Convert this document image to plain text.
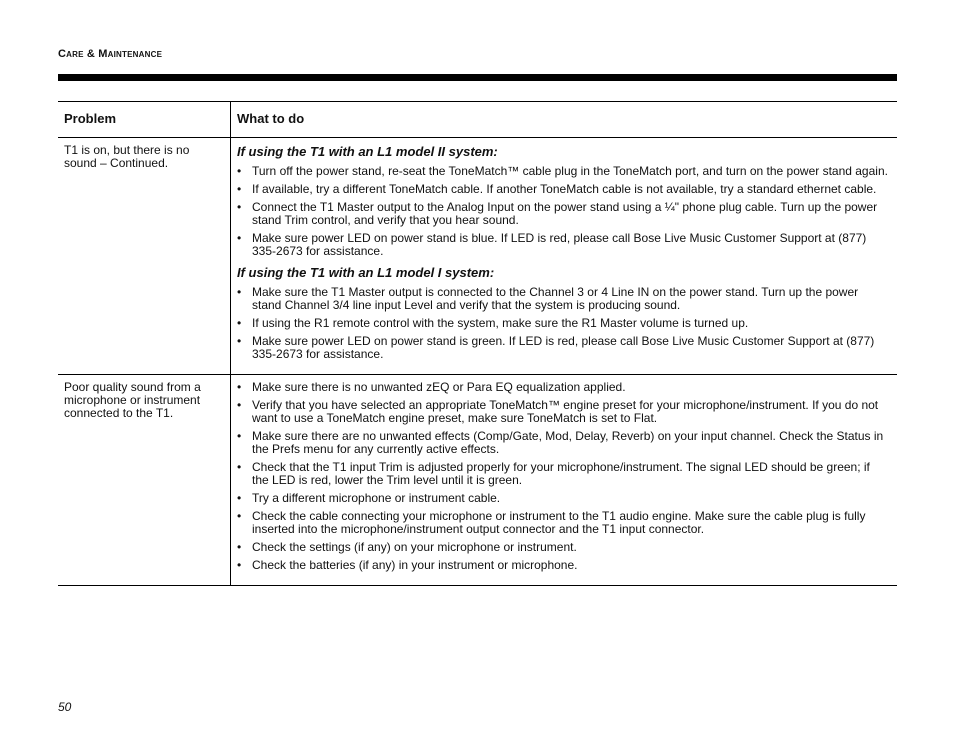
Care & Maintenance
Problem	What to do
T1 is on, but there is no sound – Continued.
If using the T1 with an L1 model II system:
• Turn off the power stand, re-seat the ToneMatch™ cable plug in the ToneMatch port, and turn on the power stand again.
• If available, try a different ToneMatch cable. If another ToneMatch cable is not available, try a standard ethernet cable.
• Connect the T1 Master output to the Analog Input on the power stand using a ¼" phone plug cable. Turn up the power stand Trim control, and verify that you hear sound.
• Make sure power LED on power stand is blue. If LED is red, please call Bose Live Music Customer Support at (877) 335-2673 for assistance.
If using the T1 with an L1 model I system:
• Make sure the T1 Master output is connected to the Channel 3 or 4 Line IN on the power stand. Turn up the power stand Channel 3/4 line input Level and verify that the system is producing sound.
• If using the R1 remote control with the system, make sure the R1 Master volume is turned up.
• Make sure power LED on power stand is green. If LED is red, please call Bose Live Music Customer Support at (877) 335-2673 for assistance.
Poor quality sound from a microphone or instrument connected to the T1.
• Make sure there is no unwanted zEQ or Para EQ equalization applied.
• Verify that you have selected an appropriate ToneMatch™ engine preset for your microphone/instrument. If you do not want to use a ToneMatch engine preset, make sure ToneMatch is set to Flat.
• Make sure there are no unwanted effects (Comp/Gate, Mod, Delay, Reverb) on your input channel. Check the Status in the Prefs menu for any currently active effects.
• Check that the T1 input Trim is adjusted properly for your microphone/instrument. The signal LED should be green; if the LED is red, lower the Trim level until it is green.
• Try a different microphone or instrument cable.
• Check the cable connecting your microphone or instrument to the T1 audio engine. Make sure the cable plug is fully inserted into the microphone/instrument output connector and the T1 input connector.
• Check the settings (if any) on your microphone or instrument.
• Check the batteries (if any) in your instrument or microphone.
50
